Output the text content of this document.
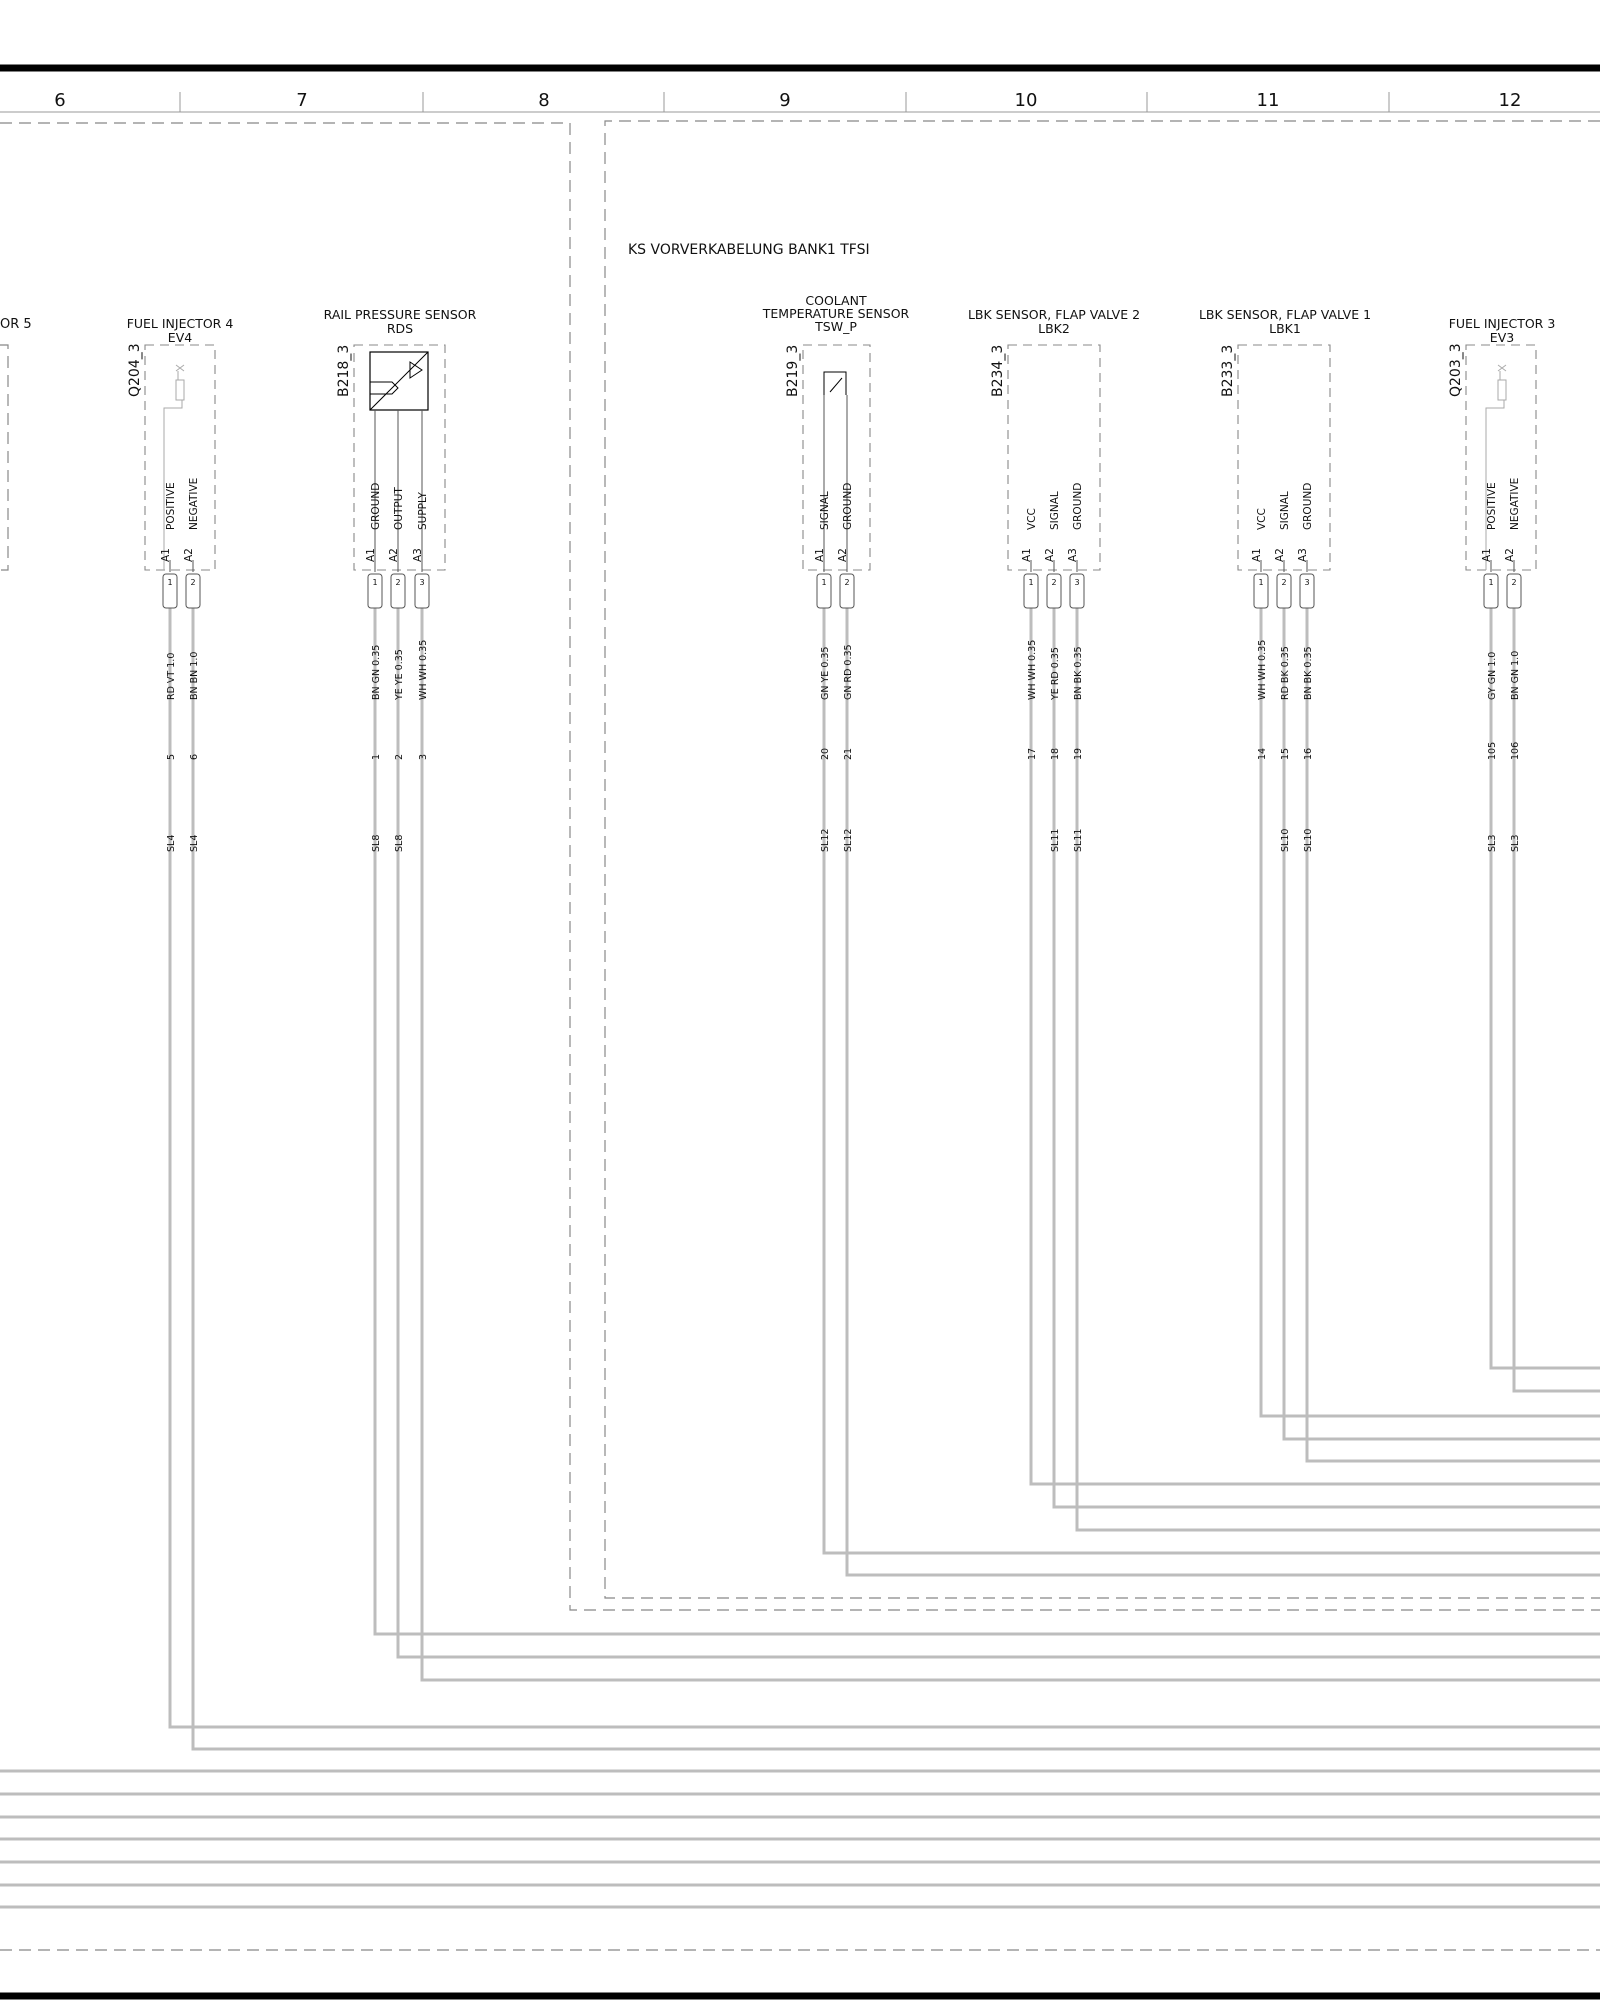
6	7	8	9	10	11	12
KS VORVERKABELUNG BANK1 TFSI
OR 5	FUEL INJECTOR 4
EV4
Q204_3
POSITIVE
A1
1
RD VT 1.0
5
SL4
NEGATIVE
A2
2
BN BN 1.0
6
SL4
RAIL PRESSURE SENSOR
RDS
B218_3
GROUND
A1
1
BN GN 0.35
1
SL8
OUTPUT
A2
2
YE YE 0.35
2
SL8
SUPPLY
A3
3
WH WH 0.35
3
COOLANT
TEMPERATURE SENSOR
TSW_P
B219_3
SIGNAL
A1
1
GN YE 0.35
20
SL12
GROUND
A2
2
GN RD 0.35
21
SL12
LBK SENSOR, FLAP VALVE 2
LBK2
B234_3
VCC
A1
1
WH WH 0.35
17
SIGNAL
A2
2
YE RD 0.35
18
SL11
GROUND
A3
3
BN BK 0.35
19
SL11
LBK SENSOR, FLAP VALVE 1
LBK1
B233_3
VCC
A1
1
WH WH 0.35
14
SIGNAL
A2
2
RD BK 0.35
15
SL10
GROUND
A3
3
BN BK 0.35
16
SL10
FUEL INJECTOR 3
EV3
Q203_3
POSITIVE
A1
1
GY GN 1.0
105
SL3
NEGATIVE
A2
2
BN GN 1.0
106
SL3
